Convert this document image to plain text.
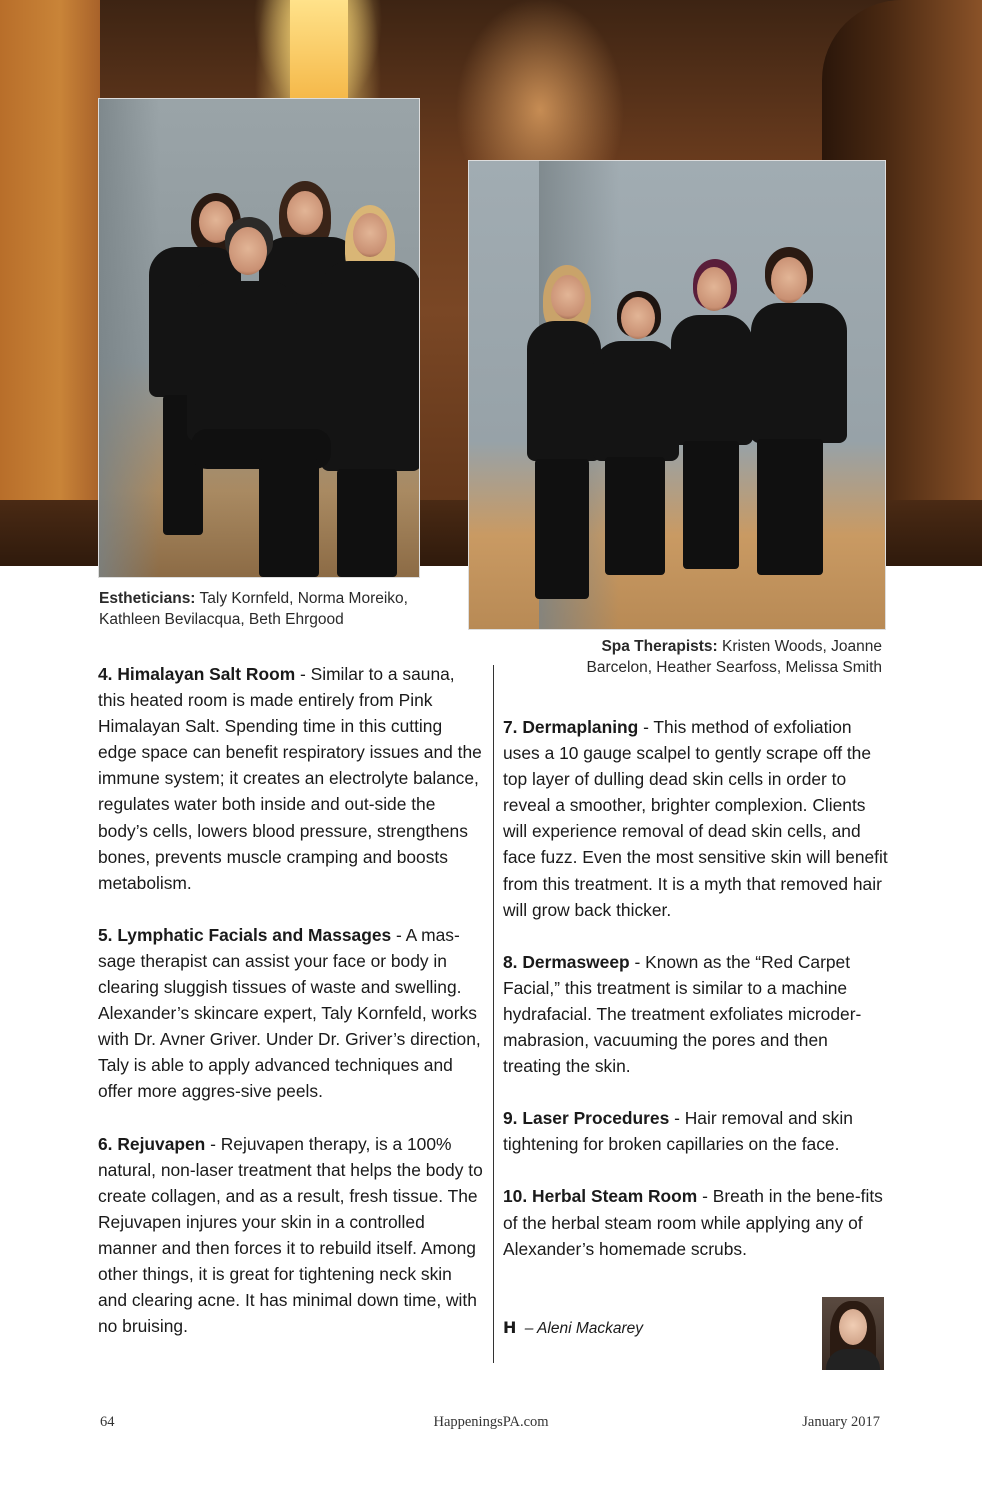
Estheticians: Taly Kornfeld, Norma Moreiko, Kathleen Bevilacqua, Beth Ehrgood
Spa Therapists: Kristen Woods, Joanne Barcelon, Heather Searfoss, Melissa Smith

4. Himalayan Salt Room - Similar to a sauna, this heated room is made entirely from Pink Himalayan Salt. Spending time in this cutting edge space can benefit respiratory issues and the immune system; it creates an electrolyte balance, regulates water both inside and out-side the body’s cells, lowers blood pressure, strengthens bones, prevents muscle cramping and boosts metabolism.

5. Lymphatic Facials and Massages - A mas-sage therapist can assist your face or body in clearing sluggish tissues of waste and swelling. Alexander’s skincare expert, Taly Kornfeld, works with Dr. Avner Griver. Under Dr. Griver’s direction, Taly is able to apply advanced techniques and offer more aggres-sive peels.

6. Rejuvapen - Rejuvapen therapy, is a 100% natural, non-laser treatment that helps the body to create collagen, and as a result, fresh tissue. The Rejuvapen injures your skin in a controlled manner and then forces it to rebuild itself. Among other things, it is great for tightening neck skin and clearing acne. It has minimal down time, with no bruising.

7. Dermaplaning - This method of exfoliation uses a 10 gauge scalpel to gently scrape off the top layer of dulling dead skin cells in order to reveal a smoother, brighter complexion. Clients will experience removal of dead skin cells, and face fuzz. Even the most sensitive skin will benefit from this treatment. It is a myth that removed hair will grow back thicker.

8. Dermasweep - Known as the “Red Carpet Facial,” this treatment is similar to a machine hydrafacial. The treatment exfoliates microder-mabrasion, vacuuming the pores and then treating the skin.

9. Laser Procedures - Hair removal and skin tightening for broken capillaries on the face.

10. Herbal Steam Room - Breath in the bene-fits of the herbal steam room while applying any of Alexander’s homemade scrubs.

H – Aleni Mackarey
HappeningsPA.com
64	January 2017
